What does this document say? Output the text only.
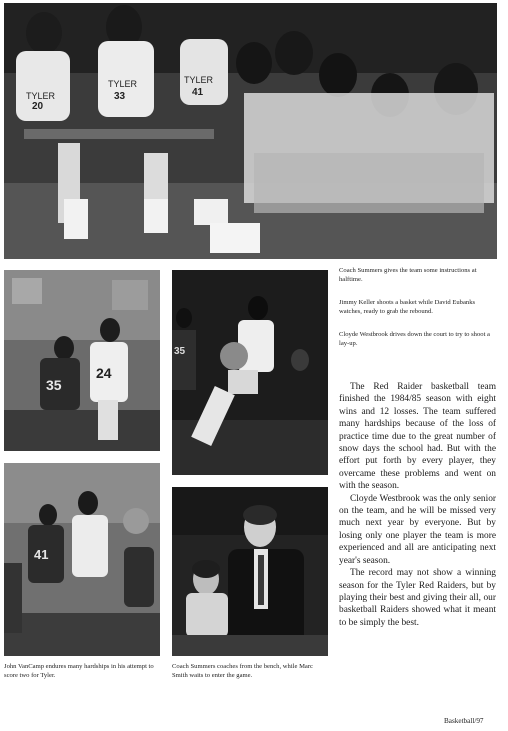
TYLER
20
TYLER
33
TYLER
41
35
24
35
41
Coach Summers gives the team some instructions at halftime.
Jimmy Keller shoots a basket while David Eubanks watches, ready to grab the rebound.
Cloyde Westbrook drives down the court to try to shoot a lay-up.

The Red Raider basketball team finished the 1984/85 season with eight wins and 12 losses. The team suffered many hardships because of the loss of practice time due to the great number of snow days the school had. But with the effort put forth by every player, they overcame these problems and went on with the season.

Cloyde Westbrook was the only senior on the team, and he will be missed very much next year by everyone. But by losing only one player the team is more experienced and all are anticipating next year's season.

The record may not show a winning season for the Tyler Red Raiders, but by playing their best and giving their all, our basketball Raiders showed what it meant to be simply the best.

John VanCamp endures many hardships in his attempt to score two for Tyler.
Coach Summers coaches from the bench, while Marc Smith waits to enter the game.
Basketball/97
